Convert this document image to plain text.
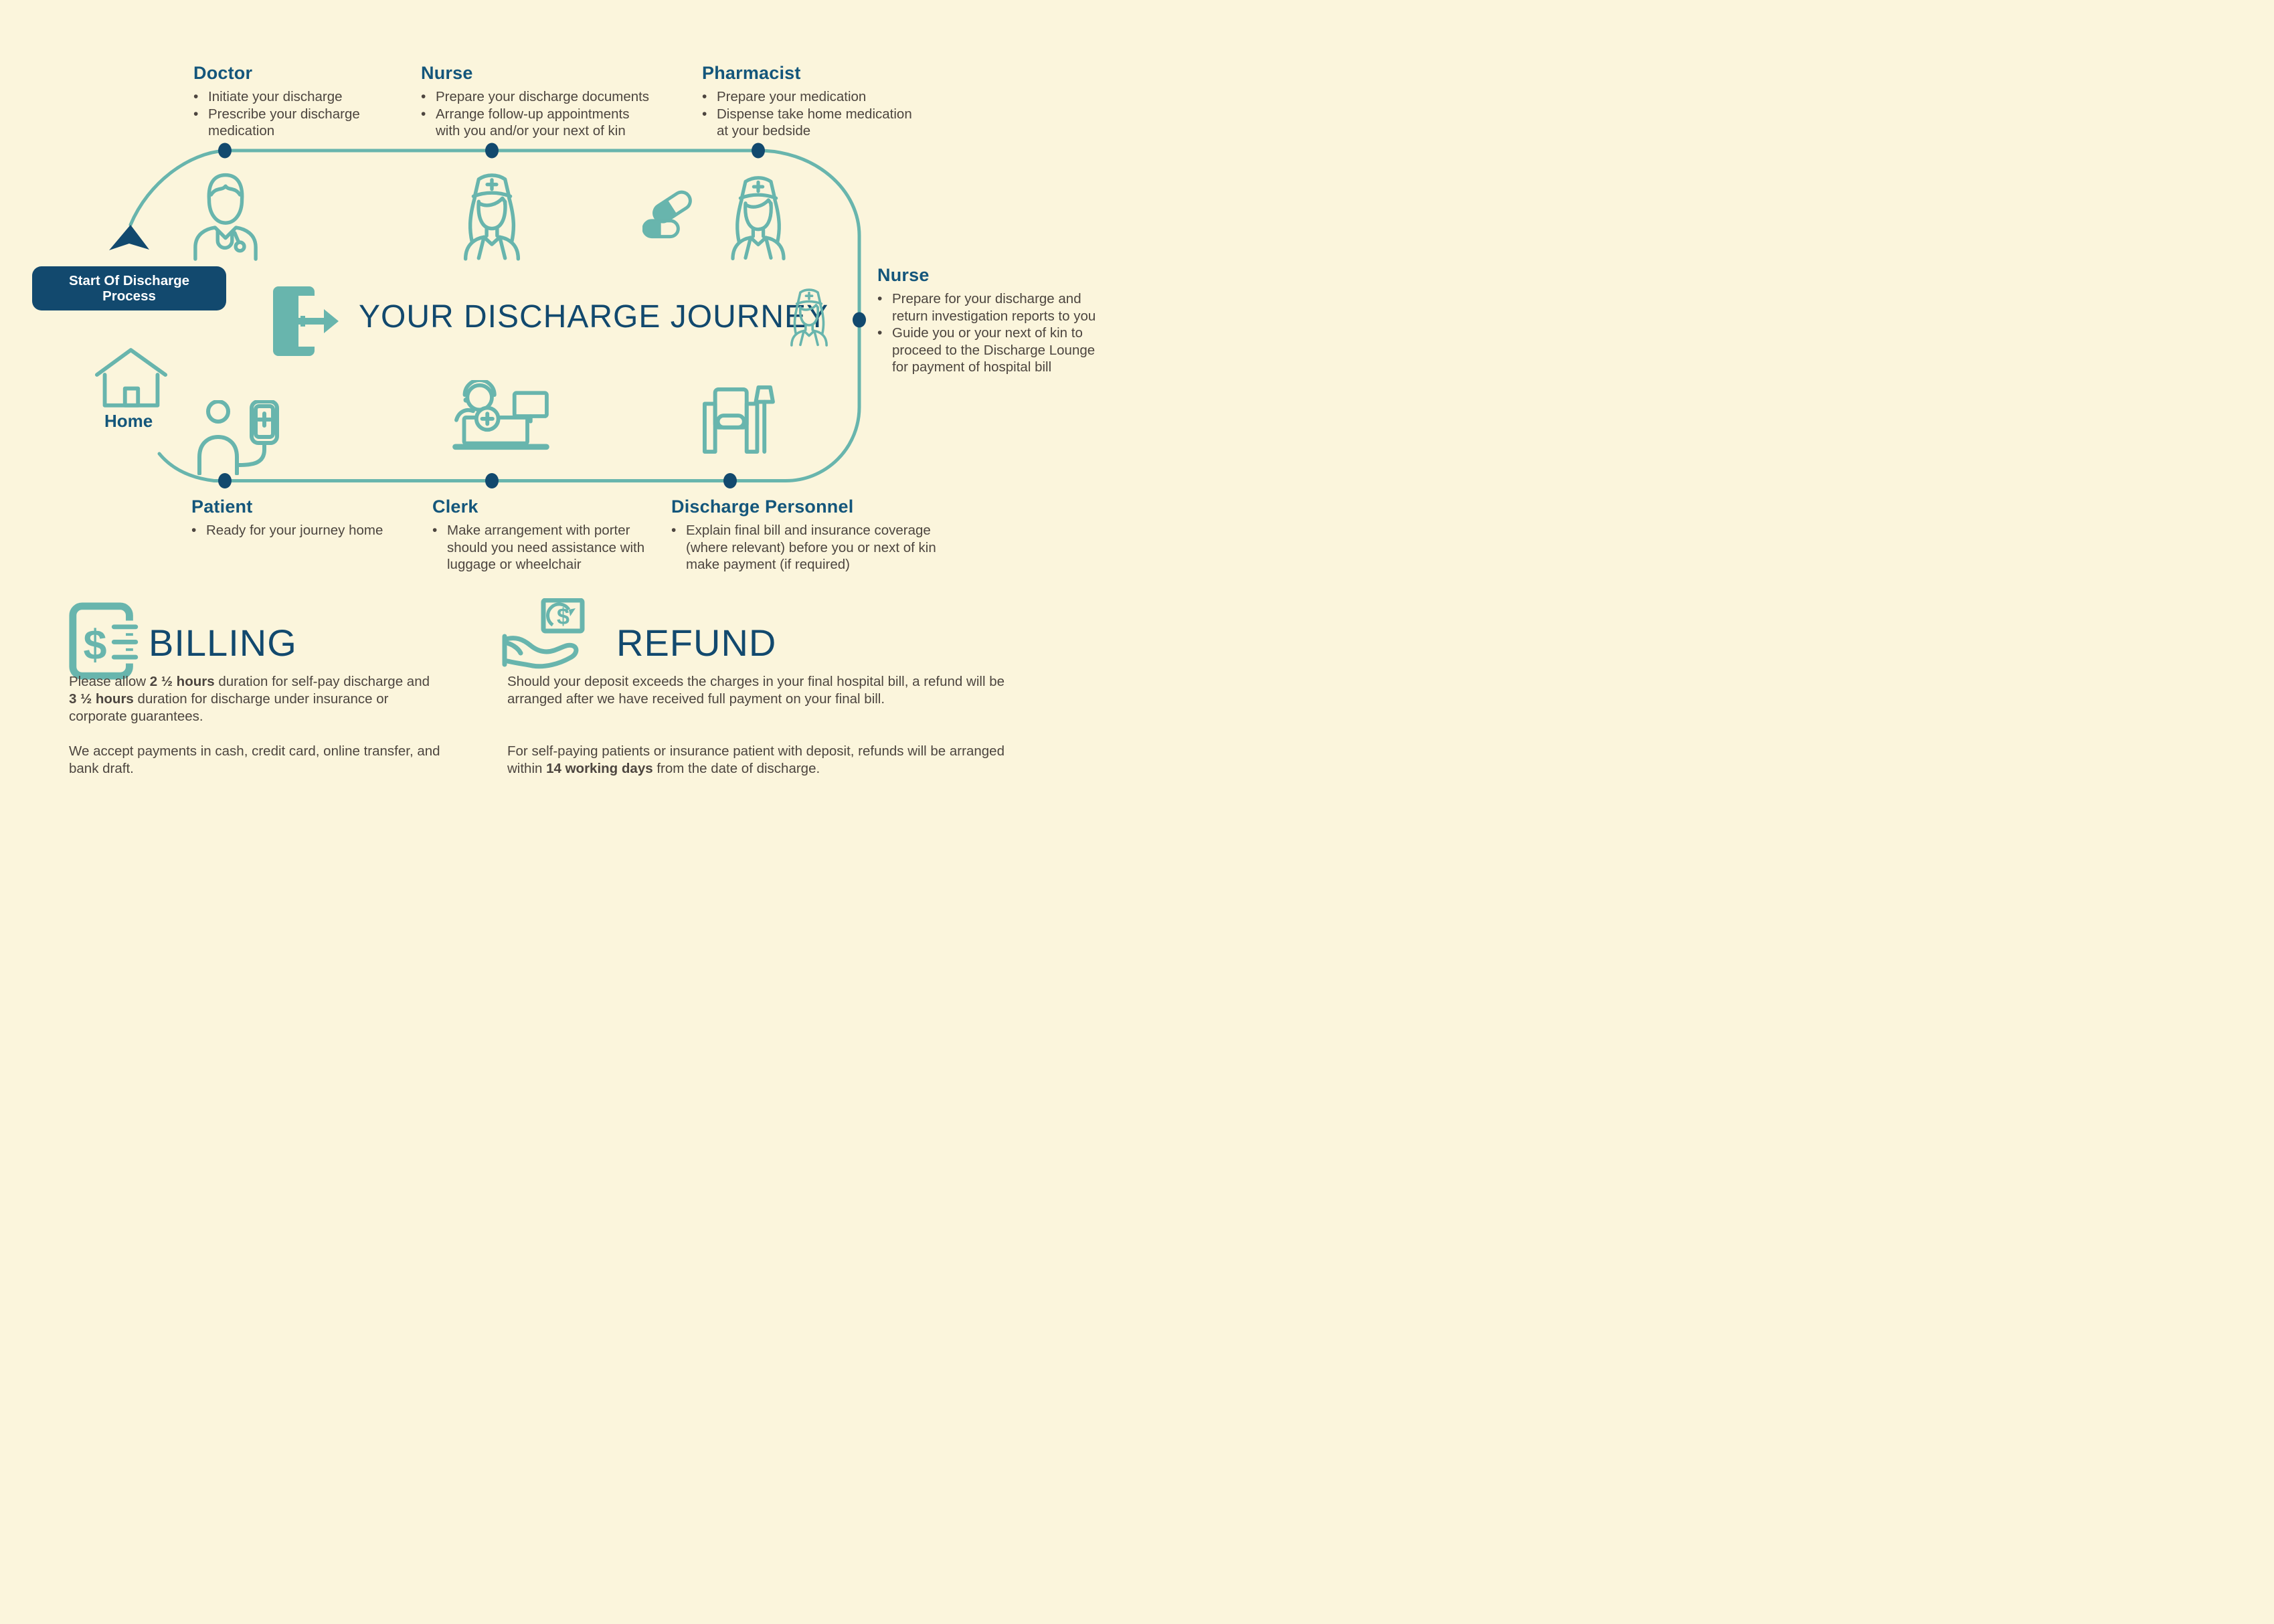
Start Of Discharge
Process
YOUR DISCHARGE JOURNEY
Doctor
• Initiate your discharge
• Prescribe your discharge
medication
Nurse
• Prepare your discharge documents
• Arrange follow-up appointments
with you and/or your next of kin
Pharmacist
• Prepare your medication
• Dispense take home medication
at your bedside
Nurse
• Prepare for your discharge and
return investigation reports to you
• Guide you or your next of kin to
proceed to the Discharge Lounge
for payment of hospital bill
Home
Patient
• Ready for your journey home
Clerk
• Make arrangement with porter
should you need assistance with
luggage or wheelchair
Discharge Personnel
• Explain final bill and insurance coverage
(where relevant) before you or next of kin
make payment (if required)
$ BILLING
Please allow 2 ½ hours duration for self-pay discharge and
3 ½ hours duration for discharge under insurance or
corporate guarantees.
We accept payments in cash, credit card, online transfer, and
bank draft.
$
REFUND
Should your deposit exceeds the charges in your final hospital bill, a refund will be
arranged after we have received full payment on your final bill.
For self-paying patients or insurance patient with deposit, refunds will be arranged
within 14 working days from the date of discharge.
